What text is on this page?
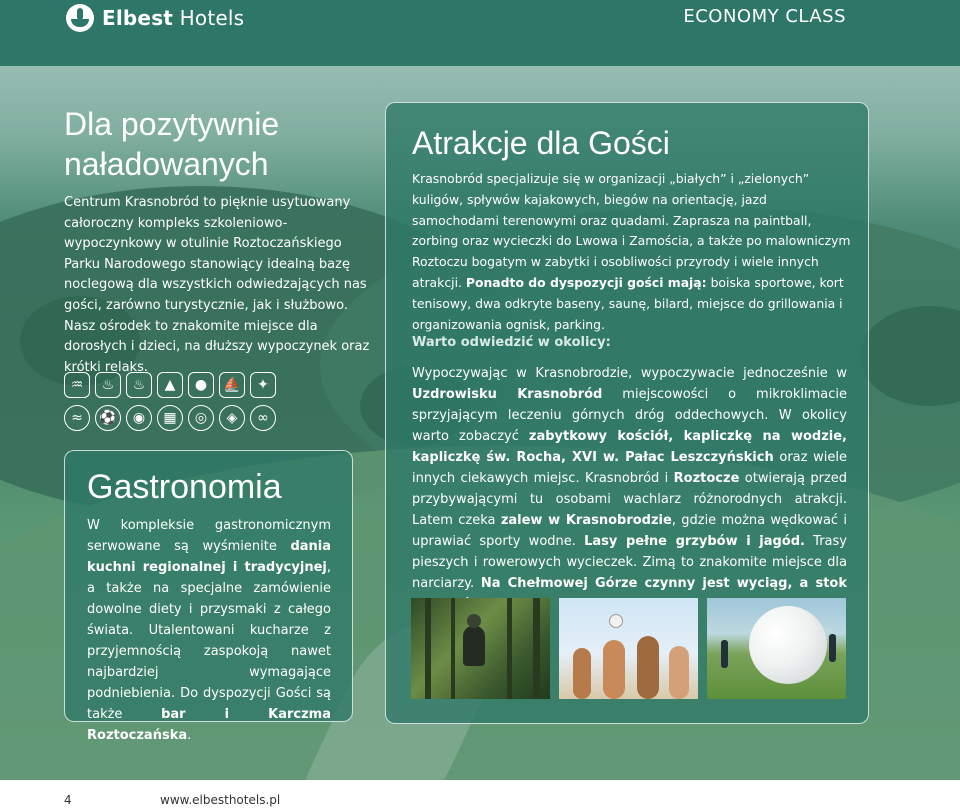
Elbest Hotels	ECONOMY CLASS
Dla pozytywnie
naładowanych
Centrum Krasnobród to pięknie usytuowany całoroczny kompleks szkoleniowo-wypoczynkowy w otulinie Roztoczańskiego Parku Narodowego stanowiący idealną bazę noclegową dla wszystkich odwiedzających nas gości, zarówno turystycznie, jak i służbowo. Nasz ośrodek to znakomite miejsce dla dorosłych i dzieci, na dłuższy wypoczynek oraz krótki relaks.
♒	♨	♨	▲	●	⛵	✦
≈	⚽	◉	▦	◎	◈	∞
Gastronomia
W kompleksie gastronomicznym serwowane są wyśmienite dania kuchni regionalnej i tradycyjnej, a także na specjalne zamówienie dowolne diety i przysmaki z całego świata. Utalentowani kucharze z przyjemnością zaspokoją nawet najbardziej wymagające podniebienia. Do dyspozycji Gości są także bar i Karczma Roztoczańska.
Atrakcje dla Gości
Krasnobród specjalizuje się w organizacji „białych” i „zielonych” kuligów, spływów kajakowych, biegów na orientację, jazd samochodami terenowymi oraz quadami. Zaprasza na paintball, zorbing oraz wycieczki do Lwowa i Zamościa, a także po malowniczym Roztoczu bogatym w zabytki i osobliwości przyrody i wiele innych atrakcji. Ponadto do dyspozycji gości mają: boiska sportowe, kort tenisowy, dwa odkryte baseny, saunę, bilard, miejsce do grillowania i organizowania ognisk, parking.
Warto odwiedzić w okolicy:
Wypoczywając w Krasnobrodzie, wypoczywacie jednocześnie w Uzdrowisku Krasnobród miejscowości o mikroklimacie sprzyjającym leczeniu górnych dróg oddechowych. W okolicy warto zobaczyć zabytkowy kościół, kapliczkę na wodzie, kapliczkę św. Rocha, XVI w. Pałac Leszczyńskich oraz wiele innych ciekawych miejsc. Krasnobród i Roztocze otwierają przed przybywającymi tu osobami wachlarz różnorodnych atrakcji. Latem czeka zalew w Krasnobrodzie, gdzie można wędkować i uprawiać sporty wodne. Lasy pełne grzybów i jagód. Trasy pieszych i rowerowych wycieczek. Zimą to znakomite miejsce dla narciarzy. Na Chełmowej Górze czynny jest wyciąg, a stok
4	www.elbesthotels.pl
